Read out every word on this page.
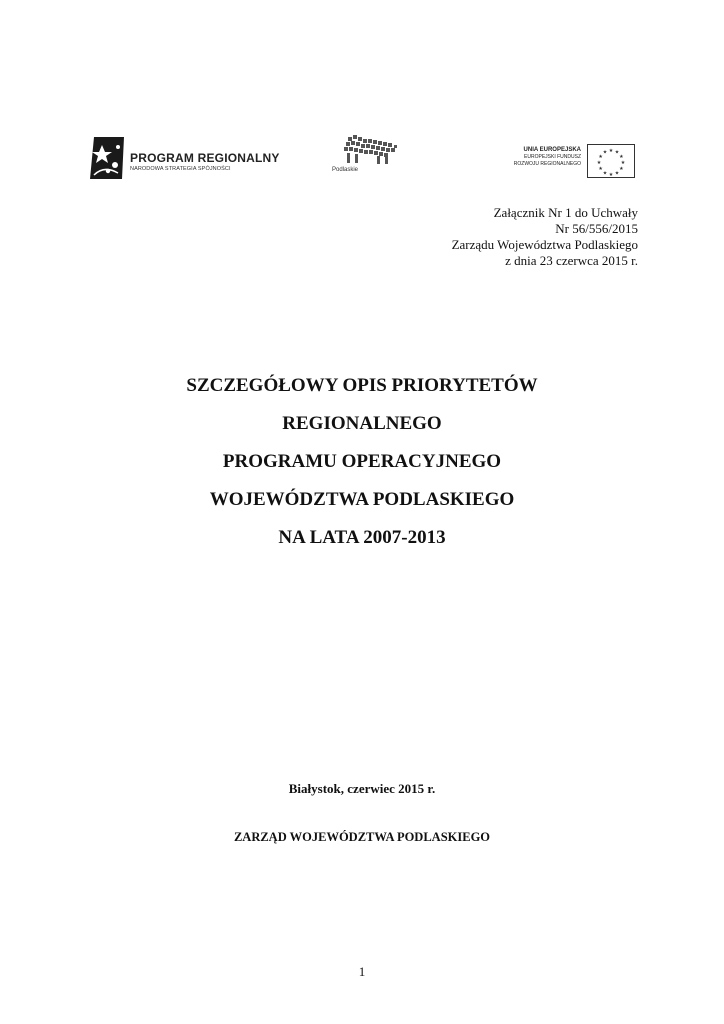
PROGRAM REGIONALNY
NARODOWA STRATEGIA SPÓJNOŚCI	Podlaskie
UNIA EUROPEJSKA
EUROPEJSKI FUNDUSZ
ROZWOJU REGIONALNEGO
★ ★
★
★
★
★
★
★
★
★
★
★
Załącznik Nr 1 do Uchwały
Nr 56/556/2015
Zarządu Województwa Podlaskiego
z dnia 23 czerwca 2015 r.
SZCZEGÓŁOWY OPIS PRIORYTETÓW
REGIONALNEGO
PROGRAMU OPERACYJNEGO
WOJEWÓDZTWA PODLASKIEGO
NA LATA 2007-2013
Białystok, czerwiec 2015 r.
ZARZĄD WOJEWÓDZTWA PODLASKIEGO
1
